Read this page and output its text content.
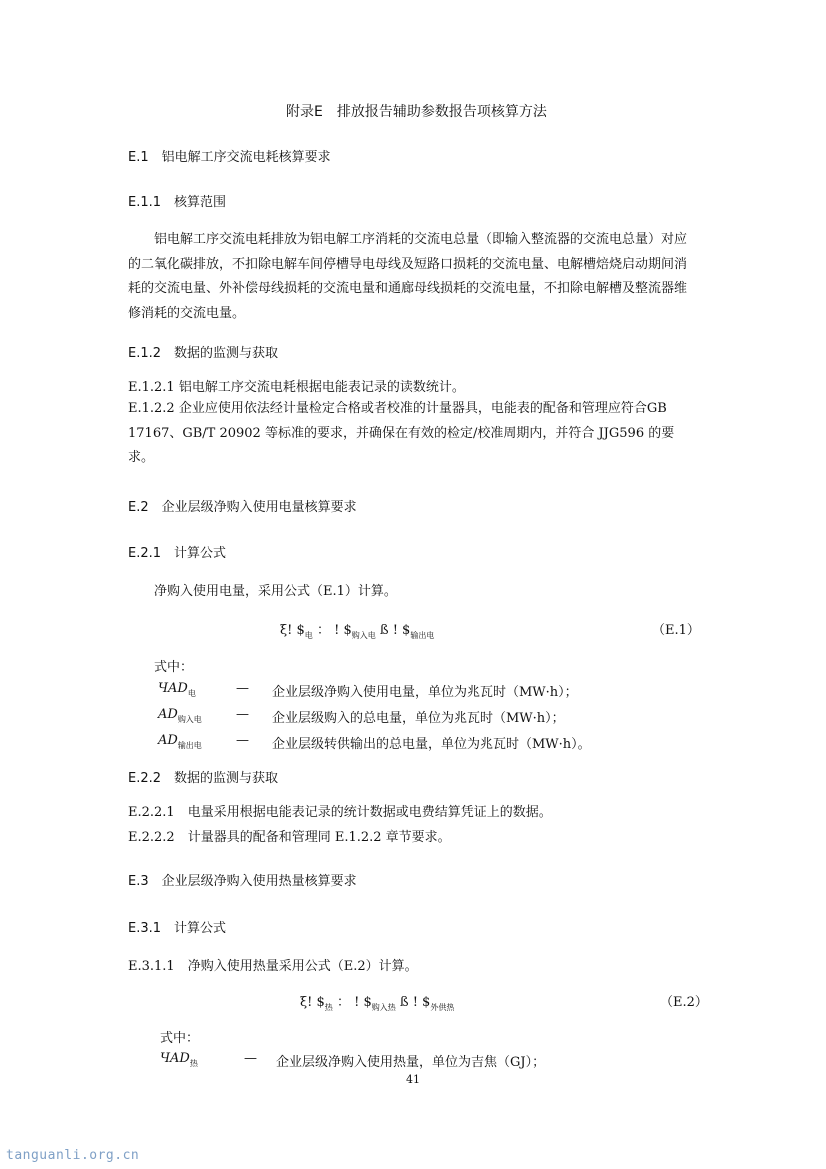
附录E　排放报告辅助参数报告项核算方法
E.1　铝电解工序交流电耗核算要求
E.1.1　核算范围
铝电解工序交流电耗排放为铝电解工序消耗的交流电总量（即输入整流器的交流电总量）对应的二氧化碳排放，不扣除电解车间停槽导电母线及短路口损耗的交流电量、电解槽焙烧启动期间消耗的交流电量、外补偿母线损耗的交流电量和通廊母线损耗的交流电量，不扣除电解槽及整流器维修消耗的交流电量。
E.1.2　数据的监测与获取
E.1.2.1 铝电解工序交流电耗根据电能表记录的读数统计。
E.1.2.2 企业应使用依法经计量检定合格或者校准的计量器具，电能表的配备和管理应符合GB 17167、GB/T 20902 等标准的要求，并确保在有效的检定/校准周期内，并符合 JJG596 的要求。
E.2　企业层级净购入使用电量核算要求
E.2.1　计算公式
净购入使用电量，采用公式（E.1）计算。
ξ! $\$_电$ ： ! $\$_{购入电}$ ß ! $\$_{输出电}$	（E.1）
式中：
$ЧAD_电$	— 企业层级净购入使用电量，单位为兆瓦时（MW·h）；
$AD_{购入电}$	— 企业层级购入的总电量，单位为兆瓦时（MW·h）；
$AD_{输出电}$	— 企业层级转供输出的总电量，单位为兆瓦时（MW·h）。
E.2.2　数据的监测与获取
E.2.2.1　电量采用根据电能表记录的统计数据或电费结算凭证上的数据。
E.2.2.2　计量器具的配备和管理同 E.1.2.2 章节要求。
E.3　企业层级净购入使用热量核算要求
E.3.1　计算公式
E.3.1.1　净购入使用热量采用公式（E.2）计算。
ξ! $\$_热$ ： ! $\$_{购入热}$ ß ! $\$_{外供热}$	（E.2）
式中：
$ЧAD_热$	— 企业层级净购入使用热量，单位为吉焦（GJ）；
41
tanguanli.org.cn
